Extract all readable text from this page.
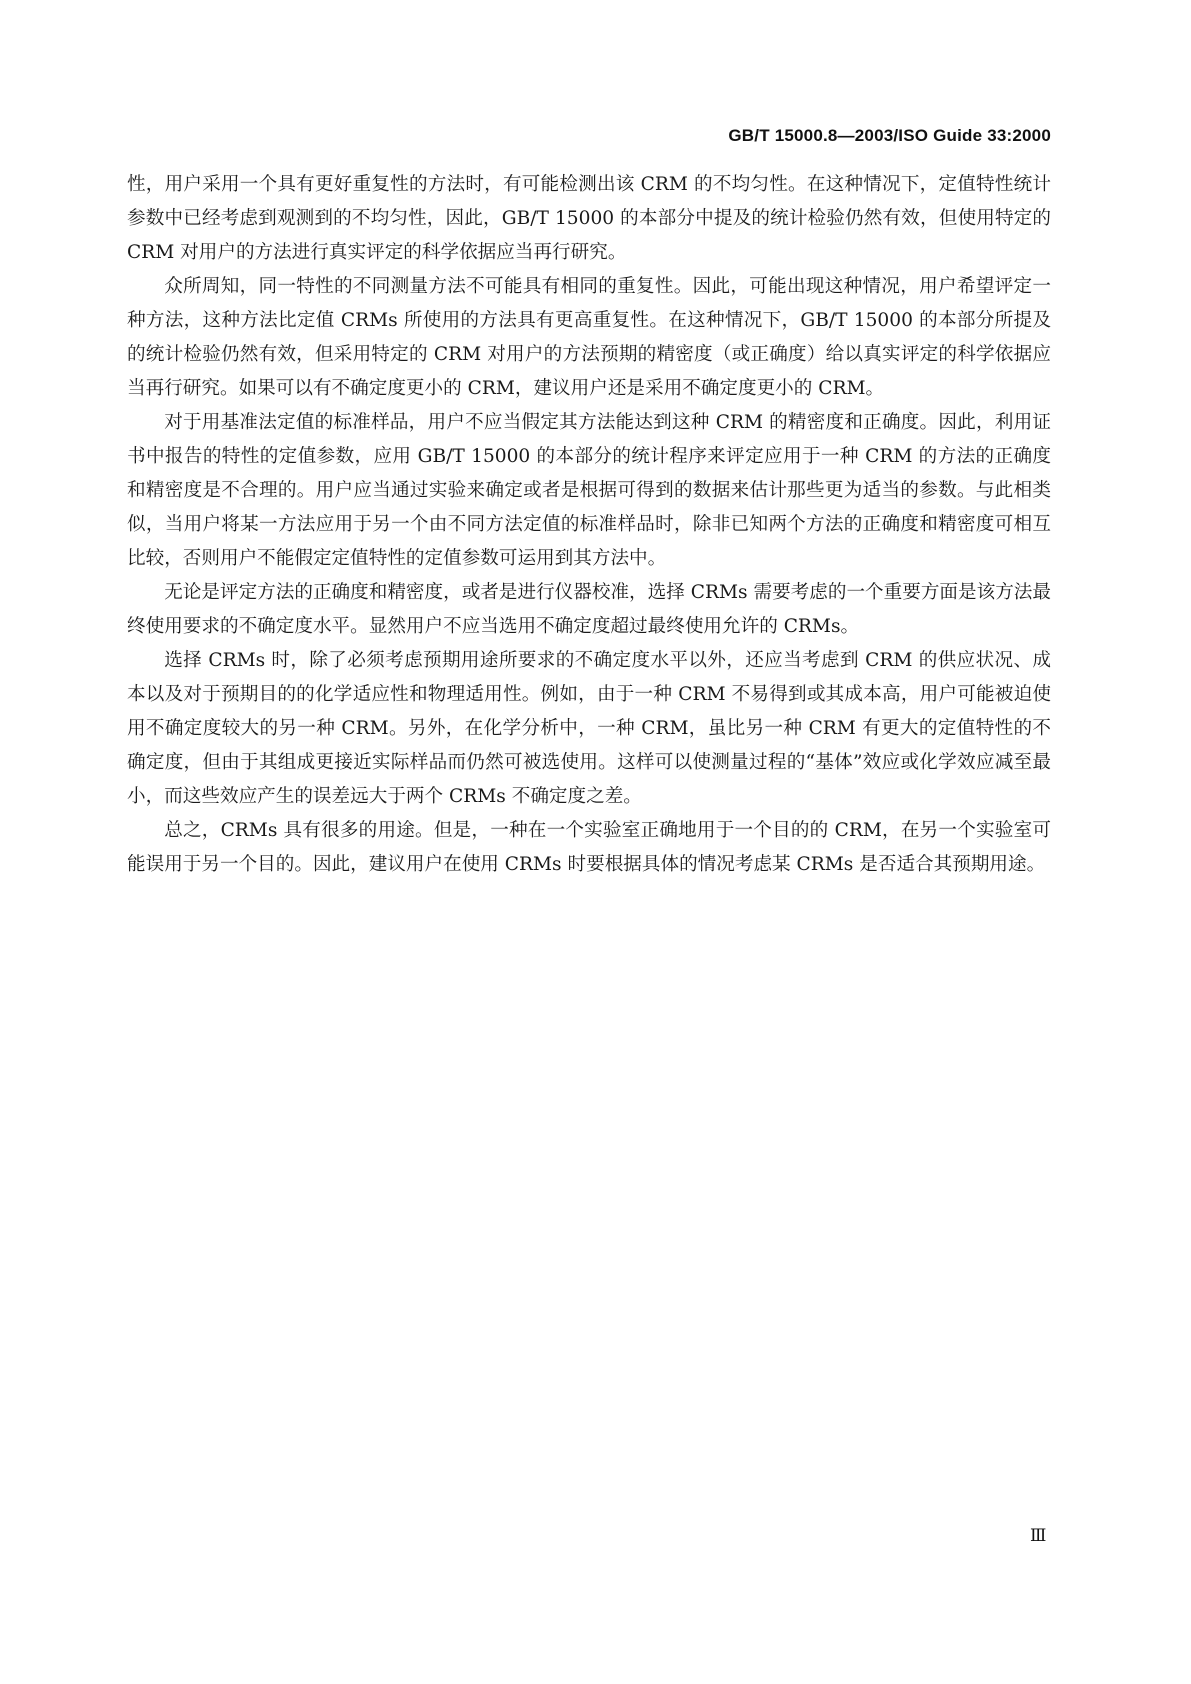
GB/T 15000.8—2003/ISO Guide 33:2000

性，用户采用一个具有更好重复性的方法时，有可能检测出该 CRM 的不均匀性。在这种情况下，定值特性统计参数中已经考虑到观测到的不均匀性，因此，GB/T 15000 的本部分中提及的统计检验仍然有效，但使用特定的 CRM 对用户的方法进行真实评定的科学依据应当再行研究。

众所周知，同一特性的不同测量方法不可能具有相同的重复性。因此，可能出现这种情况，用户希望评定一种方法，这种方法比定值 CRMs 所使用的方法具有更高重复性。在这种情况下，GB/T 15000 的本部分所提及的统计检验仍然有效，但采用特定的 CRM 对用户的方法预期的精密度（或正确度）给以真实评定的科学依据应当再行研究。如果可以有不确定度更小的 CRM，建议用户还是采用不确定度更小的 CRM。

对于用基准法定值的标准样品，用户不应当假定其方法能达到这种 CRM 的精密度和正确度。因此，利用证书中报告的特性的定值参数，应用 GB/T 15000 的本部分的统计程序来评定应用于一种 CRM 的方法的正确度和精密度是不合理的。用户应当通过实验来确定或者是根据可得到的数据来估计那些更为适当的参数。与此相类似，当用户将某一方法应用于另一个由不同方法定值的标准样品时，除非已知两个方法的正确度和精密度可相互比较，否则用户不能假定定值特性的定值参数可运用到其方法中。

无论是评定方法的正确度和精密度，或者是进行仪器校准，选择 CRMs 需要考虑的一个重要方面是该方法最终使用要求的不确定度水平。显然用户不应当选用不确定度超过最终使用允许的 CRMs。

选择 CRMs 时，除了必须考虑预期用途所要求的不确定度水平以外，还应当考虑到 CRM 的供应状况、成本以及对于预期目的的化学适应性和物理适用性。例如，由于一种 CRM 不易得到或其成本高，用户可能被迫使用不确定度较大的另一种 CRM。另外，在化学分析中，一种 CRM，虽比另一种 CRM 有更大的定值特性的不确定度，但由于其组成更接近实际样品而仍然可被选使用。这样可以使测量过程的“基体”效应或化学效应减至最小，而这些效应产生的误差远大于两个 CRMs 不确定度之差。

总之，CRMs 具有很多的用途。但是，一种在一个实验室正确地用于一个目的的 CRM，在另一个实验室可能误用于另一个目的。因此，建议用户在使用 CRMs 时要根据具体的情况考虑某 CRMs 是否适合其预期用途。

Ⅲ
